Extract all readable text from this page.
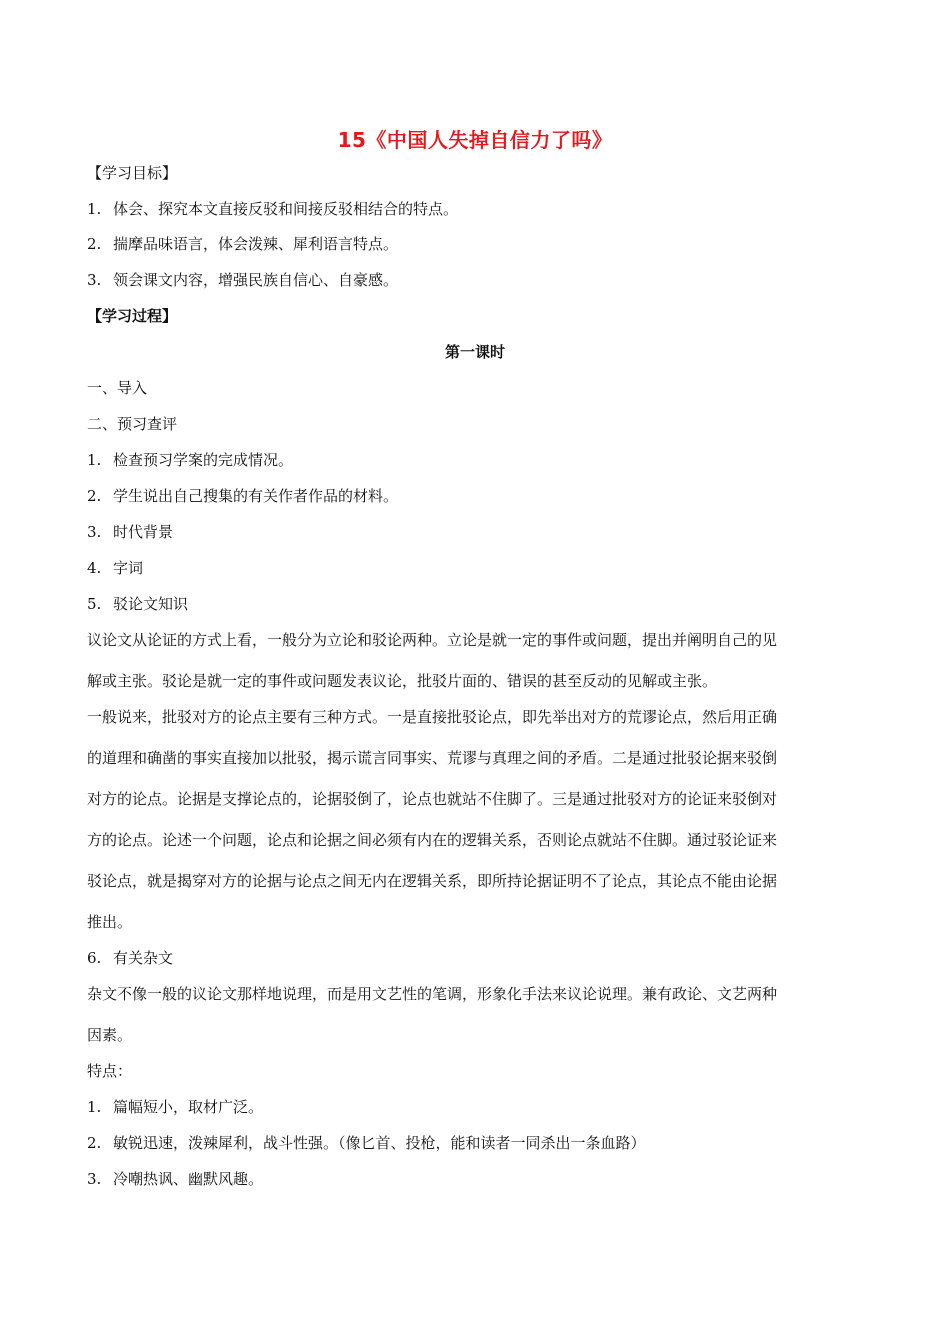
15《中国人失掉自信力了吗》
【学习目标】
1. 体会、探究本文直接反驳和间接反驳相结合的特点。
2. 揣摩品味语言，体会泼辣、犀利语言特点。
3. 领会课文内容，增强民族自信心、自豪感。
【学习过程】
第一课时
一、导入
二、预习查评
1. 检查预习学案的完成情况。
2. 学生说出自己搜集的有关作者作品的材料。
3. 时代背景
4. 字词
5. 驳论文知识
议论文从论证的方式上看，一般分为立论和驳论两种。立论是就一定的事件或问题，提出并阐明自己的见
解或主张。驳论是就一定的事件或问题发表议论，批驳片面的、错误的甚至反动的见解或主张。
一般说来，批驳对方的论点主要有三种方式。一是直接批驳论点，即先举出对方的荒谬论点，然后用正确
的道理和确凿的事实直接加以批驳，揭示谎言同事实、荒谬与真理之间的矛盾。二是通过批驳论据来驳倒
对方的论点。论据是支撑论点的，论据驳倒了，论点也就站不住脚了。三是通过批驳对方的论证来驳倒对
方的论点。论述一个问题，论点和论据之间必须有内在的逻辑关系，否则论点就站不住脚。通过驳论证来
驳论点，就是揭穿对方的论据与论点之间无内在逻辑关系，即所持论据证明不了论点，其论点不能由论据
推出。
6. 有关杂文
杂文不像一般的议论文那样地说理，而是用文艺性的笔调，形象化手法来议论说理。兼有政论、文艺两种
因素。
特点：
1. 篇幅短小，取材广泛。
2. 敏锐迅速，泼辣犀利，战斗性强。（像匕首、投枪，能和读者一同杀出一条血路）
3. 冷嘲热讽、幽默风趣。
